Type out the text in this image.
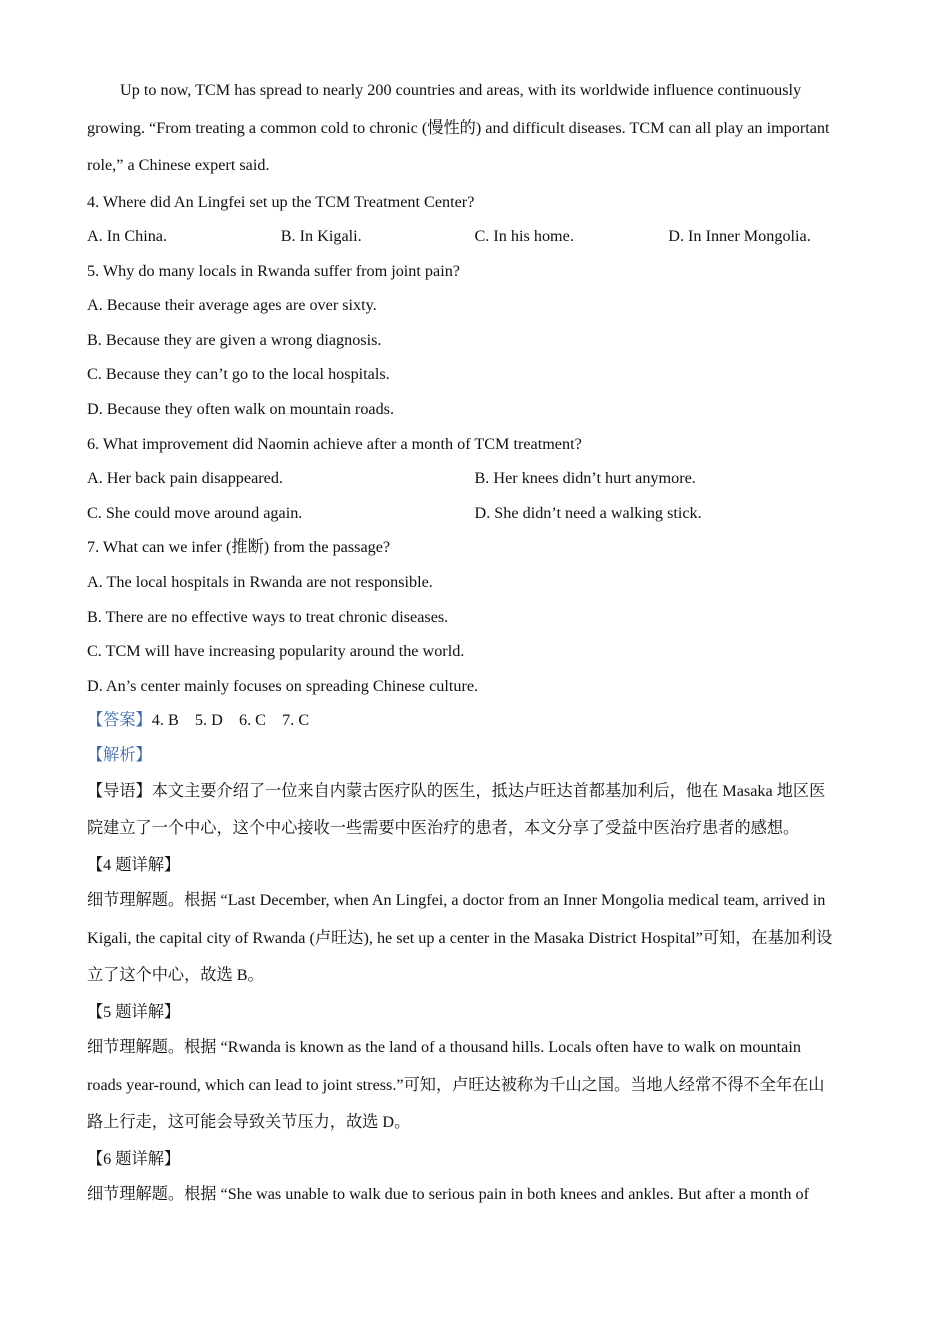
Up to now, TCM has spread to nearly 200 countries and areas, with its worldwide influence continuously
growing. “From treating a common cold to chronic (慢性的) and difficult diseases. TCM can all play an important
role,” a Chinese expert said.
4. Where did An Lingfei set up the TCM Treatment Center?
A. In China.	B. In Kigali.	C. In his home.	D. In Inner Mongolia.
5. Why do many locals in Rwanda suffer from joint pain?
A. Because their average ages are over sixty.
B. Because they are given a wrong diagnosis.
C. Because they can’t go to the local hospitals.
D. Because they often walk on mountain roads.
6. What improvement did Naomin achieve after a month of TCM treatment?
A. Her back pain disappeared.	B. Her knees didn’t hurt anymore.
C. She could move around again.	D. She didn’t need a walking stick.
7. What can we infer (推断) from the passage?
A. The local hospitals in Rwanda are not responsible.
B. There are no effective ways to treat chronic diseases.
C. TCM will have increasing popularity around the world.
D. An’s center mainly focuses on spreading Chinese culture.
【答案】4. B    5. D    6. C    7. C
【解析】
【导语】本文主要介绍了一位来自内蒙古医疗队的医生，抵达卢旺达首都基加利后，他在 Masaka 地区医
院建立了一个中心，这个中心接收一些需要中医治疗的患者，本文分享了受益中医治疗患者的感想。
【4 题详解】
细节理解题。根据 “Last December, when An Lingfei, a doctor from an Inner Mongolia medical team, arrived in
Kigali, the capital city of Rwanda (卢旺达), he set up a center in the Masaka District Hospital”可知，在基加利设
立了这个中心，故选 B。
【5 题详解】
细节理解题。根据 “Rwanda is known as the land of a thousand hills. Locals often have to walk on mountain
roads year-round, which can lead to joint stress.”可知，卢旺达被称为千山之国。当地人经常不得不全年在山
路上行走，这可能会导致关节压力，故选 D。
【6 题详解】
细节理解题。根据 “She was unable to walk due to serious pain in both knees and ankles. But after a month of
